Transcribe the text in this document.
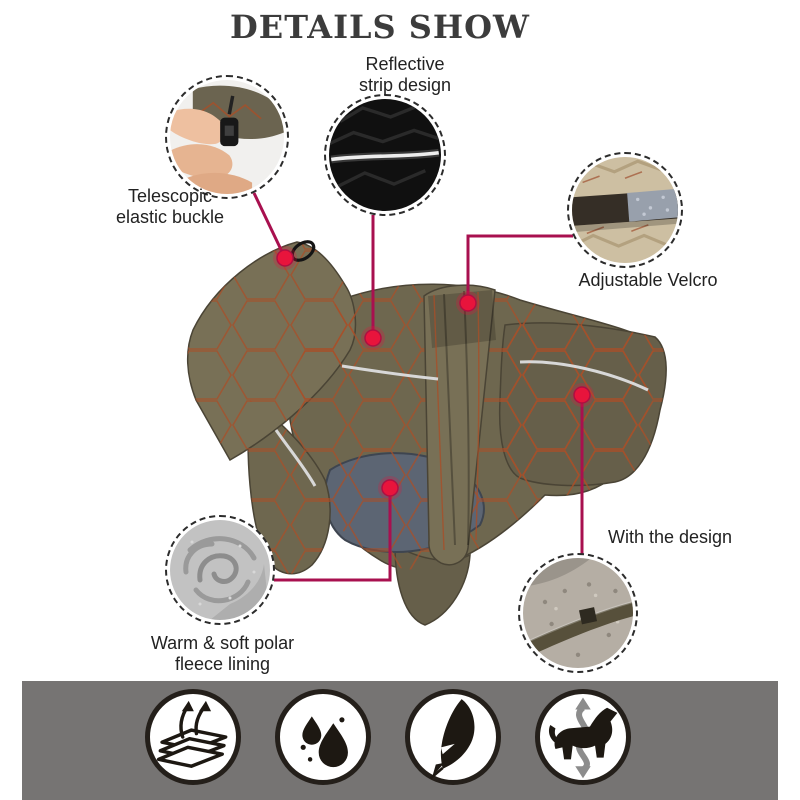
DETAILS SHOW
Reflective
strip design
Telescopic
elastic buckle
Adjustable Velcro
With the design
Warm & soft polar
fleece lining
